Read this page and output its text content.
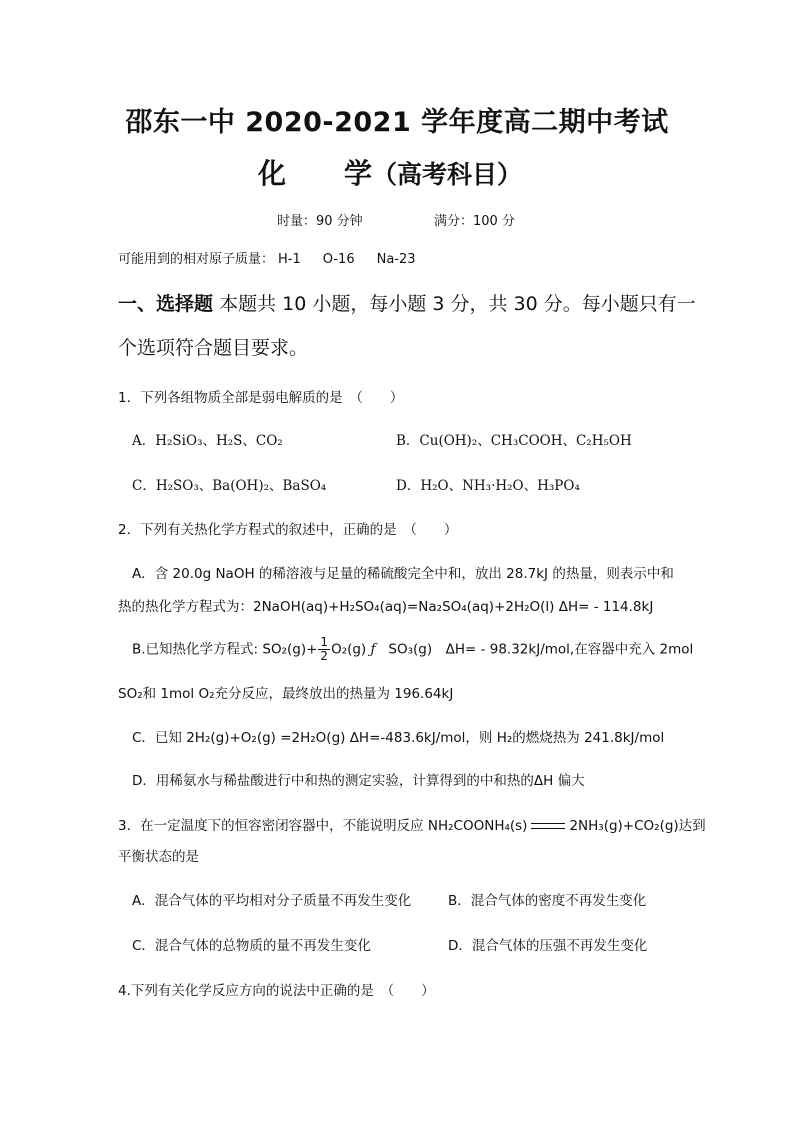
邵东一中 2020-2021 学年度高二期中考试
化 学（高考科目）
时量：90 分钟	满分：100 分
可能用到的相对原子质量： H-1 O-16 Na-23
一、选择题 本题共 10 小题，每小题 3 分，共 30 分。每小题只有一
个选项符合题目要求。
1．下列各组物质全部是弱电解质的是　（　　）
A．H₂SiO₃、H₂S、CO₂	B．Cu(OH)₂、CH₃COOH、C₂H₅OH
C．H₂SO₃、Ba(OH)₂、BaSO₄	D．H₂O、NH₃·H₂O、H₃PO₄
2．下列有关热化学方程式的叙述中，正确的是　（　　）
A．含 20.0g NaOH 的稀溶液与足量的稀硫酸完全中和，放出 28.7kJ 的热量，则表示中和
热的热化学方程式为：2NaOH(aq)+H₂SO₄(aq)=Na₂SO₄(aq)+2H₂O(l) ΔH= - 114.8kJ
B.已知热化学方程式: $SO_2(g)+ \frac{1}{2} O_2(g)$ ƒ SO₃(g)　ΔH= - 98.32kJ/mol,在容器中充入 2mol
SO₂和 1mol O₂充分反应，最终放出的热量为 196.64kJ
C．已知 2H₂(g)+O₂(g) =2H₂O(g) ΔH=-483.6kJ/mol，则 H₂的燃烧热为 241.8kJ/mol
D．用稀氨水与稀盐酸进行中和热的测定实验，计算得到的中和热的ΔH 偏大
3．在一定温度下的恒容密闭容器中，不能说明反应 NH₂COONH₄(s)	2NH₃(g)+CO₂(g)达到
平衡状态的是
A．混合气体的平均相对分子质量不再发生变化	B．混合气体的密度不再发生变化
C．混合气体的总物质的量不再发生变化	D．混合气体的压强不再发生变化
4.下列有关化学反应方向的说法中正确的是　（　　）
